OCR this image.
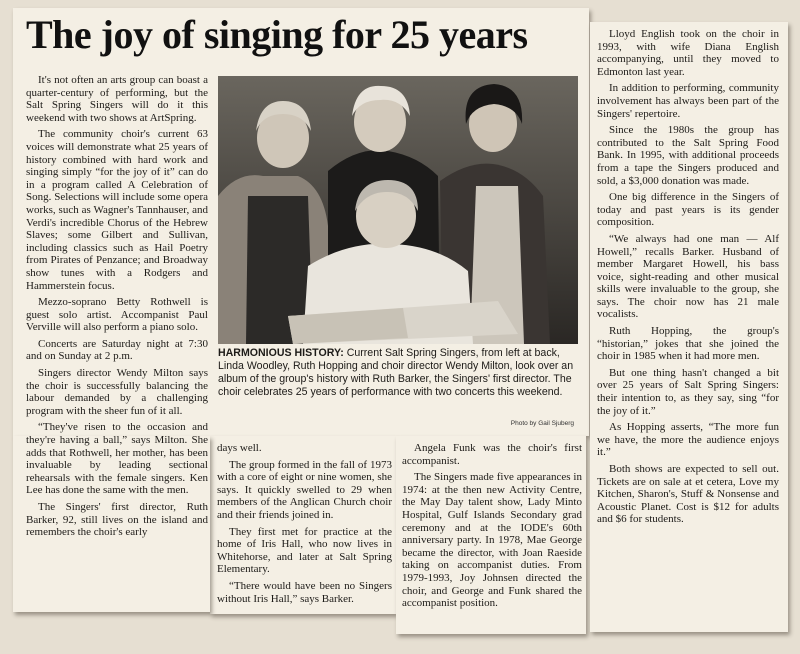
The joy of singing for 25 years

It's not often an arts group can boast a quarter-century of performing, but the Salt Spring Singers will do it this weekend with two shows at ArtSpring.

The community choir's current 63 voices will demonstrate what 25 years of history combined with hard work and singing simply “for the joy of it” can do in a program called A Celebration of Song. Selections will include some opera works, such as Wagner's Tannhauser, and Verdi's incredible Chorus of the Hebrew Slaves; some Gilbert and Sullivan, including classics such as Hail Poetry from Pirates of Penzance; and Broadway show tunes with a Rodgers and Hammerstein focus.

Mezzo-soprano Betty Rothwell is guest solo artist. Accompanist Paul Verville will also perform a piano solo.

Concerts are Saturday night at 7:30 and on Sunday at 2 p.m.

Singers director Wendy Milton says the choir is successfully balancing the labour demanded by a challenging program with the sheer fun of it all.

“They've risen to the occasion and they're having a ball,” says Milton. She adds that Rothwell, her mother, has been invaluable by leading sectional rehearsals with the female singers. Ken Lee has done the same with the men.

The Singers' first director, Ruth Barker, 92, still lives on the island and remembers the choir's early

HARMONIOUS HISTORY: Current Salt Spring Singers, from left at back, Linda Woodley, Ruth Hopping and choir director Wendy Milton, look over an album of the group's history with Ruth Barker, the Singers' first director. The choir celebrates 25 years of performance with two concerts this weekend.
Photo by Gail Sjuberg

days well.

The group formed in the fall of 1973 with a core of eight or nine women, she says. It quickly swelled to 29 when members of the Anglican Church choir and their friends joined in.

They first met for practice at the home of Iris Hall, who now lives in Whitehorse, and later at Salt Spring Elementary.

“There would have been no Singers without Iris Hall,” says Barker.

Angela Funk was the choir's first accompanist.

The Singers made five appearances in 1974: at the then new Activity Centre, the May Day talent show, Lady Minto Hospital, Gulf Islands Secondary grad ceremony and at the IODE's 60th anniversary party. In 1978, Mae George became the director, with Joan Raeside taking on accompanist duties. From 1979-1993, Joy Johnsen directed the choir, and George and Funk shared the accompanist position.

Lloyd English took on the choir in 1993, with wife Diana English accompanying, until they moved to Edmonton last year.

In addition to performing, community involvement has always been part of the Singers' repertoire.

Since the 1980s the group has contributed to the Salt Spring Food Bank. In 1995, with additional proceeds from a tape the Singers produced and sold, a $3,000 donation was made.

One big difference in the Singers of today and past years is its gender composition.

“We always had one man — Alf Howell,” recalls Barker. Husband of member Margaret Howell, his bass voice, sight-reading and other musical skills were invaluable to the group, she says. The choir now has 21 male vocalists.

Ruth Hopping, the group's “historian,” jokes that she joined the choir in 1985 when it had more men.

But one thing hasn't changed a bit over 25 years of Salt Spring Singers: their intention to, as they say, sing “for the joy of it.”

As Hopping asserts, “The more fun we have, the more the audience enjoys it.”

Both shows are expected to sell out. Tickets are on sale at et cetera, Love my Kitchen, Sharon's, Stuff & Nonsense and Acoustic Planet. Cost is $12 for adults and $6 for students.
